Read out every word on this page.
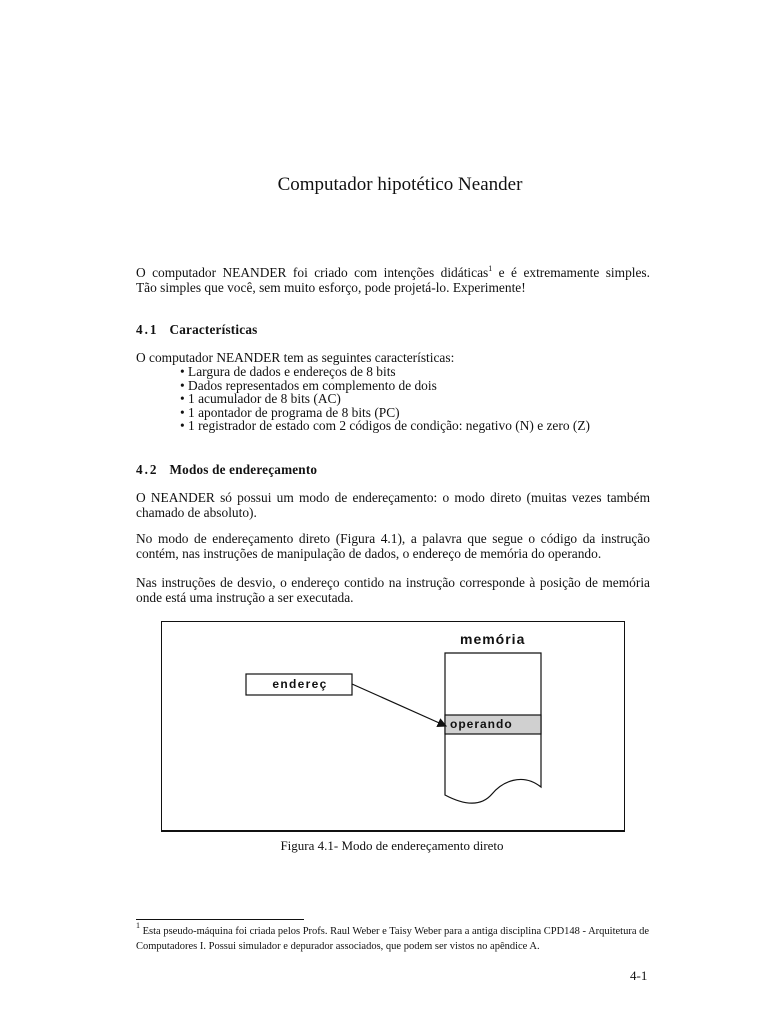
Computador hipotético Neander
O computador NEANDER foi criado com intenções didáticas$^1$ e é extremamente simples.
Tão simples que você, sem muito esforço, pode projetá-lo. Experimente!
4.1 Características
O computador NEANDER tem as seguintes características:
• Largura de dados e endereços de 8 bits
• Dados representados em complemento de dois
• 1 acumulador de 8 bits (AC)
• 1 apontador de programa de 8 bits (PC)
• 1 registrador de estado com 2 códigos de condição: negativo (N) e zero (Z)
4.2 Modos de endereçamento
O NEANDER só possui um modo de endereçamento: o modo direto (muitas vezes também chamado de absoluto).
No modo de endereçamento direto (Figura 4.1), a palavra que segue o código da instrução contém, nas instruções de manipulação de dados, o endereço de memória do operando.
Nas instruções de desvio, o endereço contido na instrução corresponde à posição de memória onde está uma instrução a ser executada.
memória
endereç
operando
Figura 4.1- Modo de endereçamento direto
$^1$ Esta pseudo-máquina foi criada pelos Profs. Raul Weber e Taisy Weber para a antiga disciplina CPD148 - Arquitetura de Computadores I. Possui simulador e depurador associados, que podem ser vistos no apêndice A.
4-1
